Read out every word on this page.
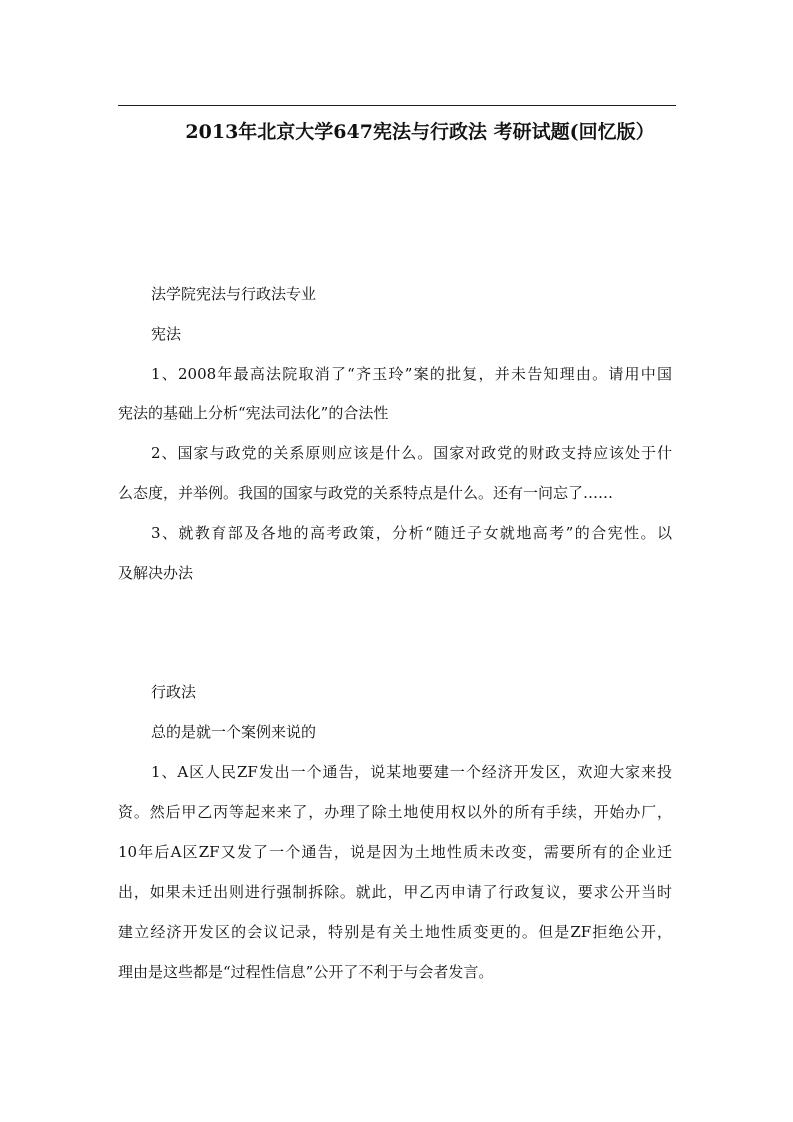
2013年北京大学647宪法与行政法 考研试题(回忆版）
法学院宪法与行政法专业
宪法
1、2008年最高法院取消了“齐玉玲”案的批复，并未告知理由。请用中国
宪法的基础上分析“宪法司法化”的合法性
2、国家与政党的关系原则应该是什么。国家对政党的财政支持应该处于什
么态度，并举例。我国的国家与政党的关系特点是什么。还有一问忘了……
3、就教育部及各地的高考政策，分析“随迁子女就地高考”的合宪性。以
及解决办法
行政法
总的是就一个案例来说的
1、A区人民ZF发出一个通告，说某地要建一个经济开发区，欢迎大家来投
资。然后甲乙丙等起来来了，办理了除土地使用权以外的所有手续，开始办厂，
10年后A区ZF又发了一个通告，说是因为土地性质未改变，需要所有的企业迁
出，如果未迁出则进行强制拆除。就此，甲乙丙申请了行政复议，要求公开当时
建立经济开发区的会议记录，特别是有关土地性质变更的。但是ZF拒绝公开，
理由是这些都是“过程性信息”公开了不利于与会者发言。
